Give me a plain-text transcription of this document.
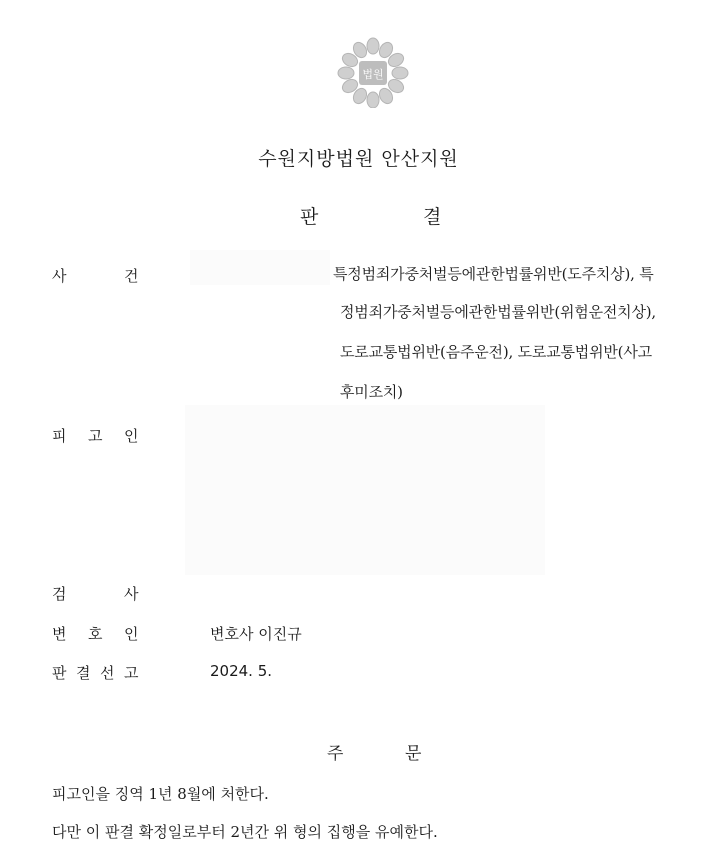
법원
수원지방법원 안산지원
판	결
사	건	특정범죄가중처벌등에관한법률위반(도주치상), 특
정범죄가중처벌등에관한법률위반(위험운전치상),
도로교통법위반(음주운전), 도로교통법위반(사고
후미조치)
피 고 인
검	사
변 호 인	변호사 이진규
판 결 선 고	2024. 5.
주	문
피고인을 징역 1년 8월에 처한다.
다만 이 판결 확정일로부터 2년간 위 형의 집행을 유예한다.
